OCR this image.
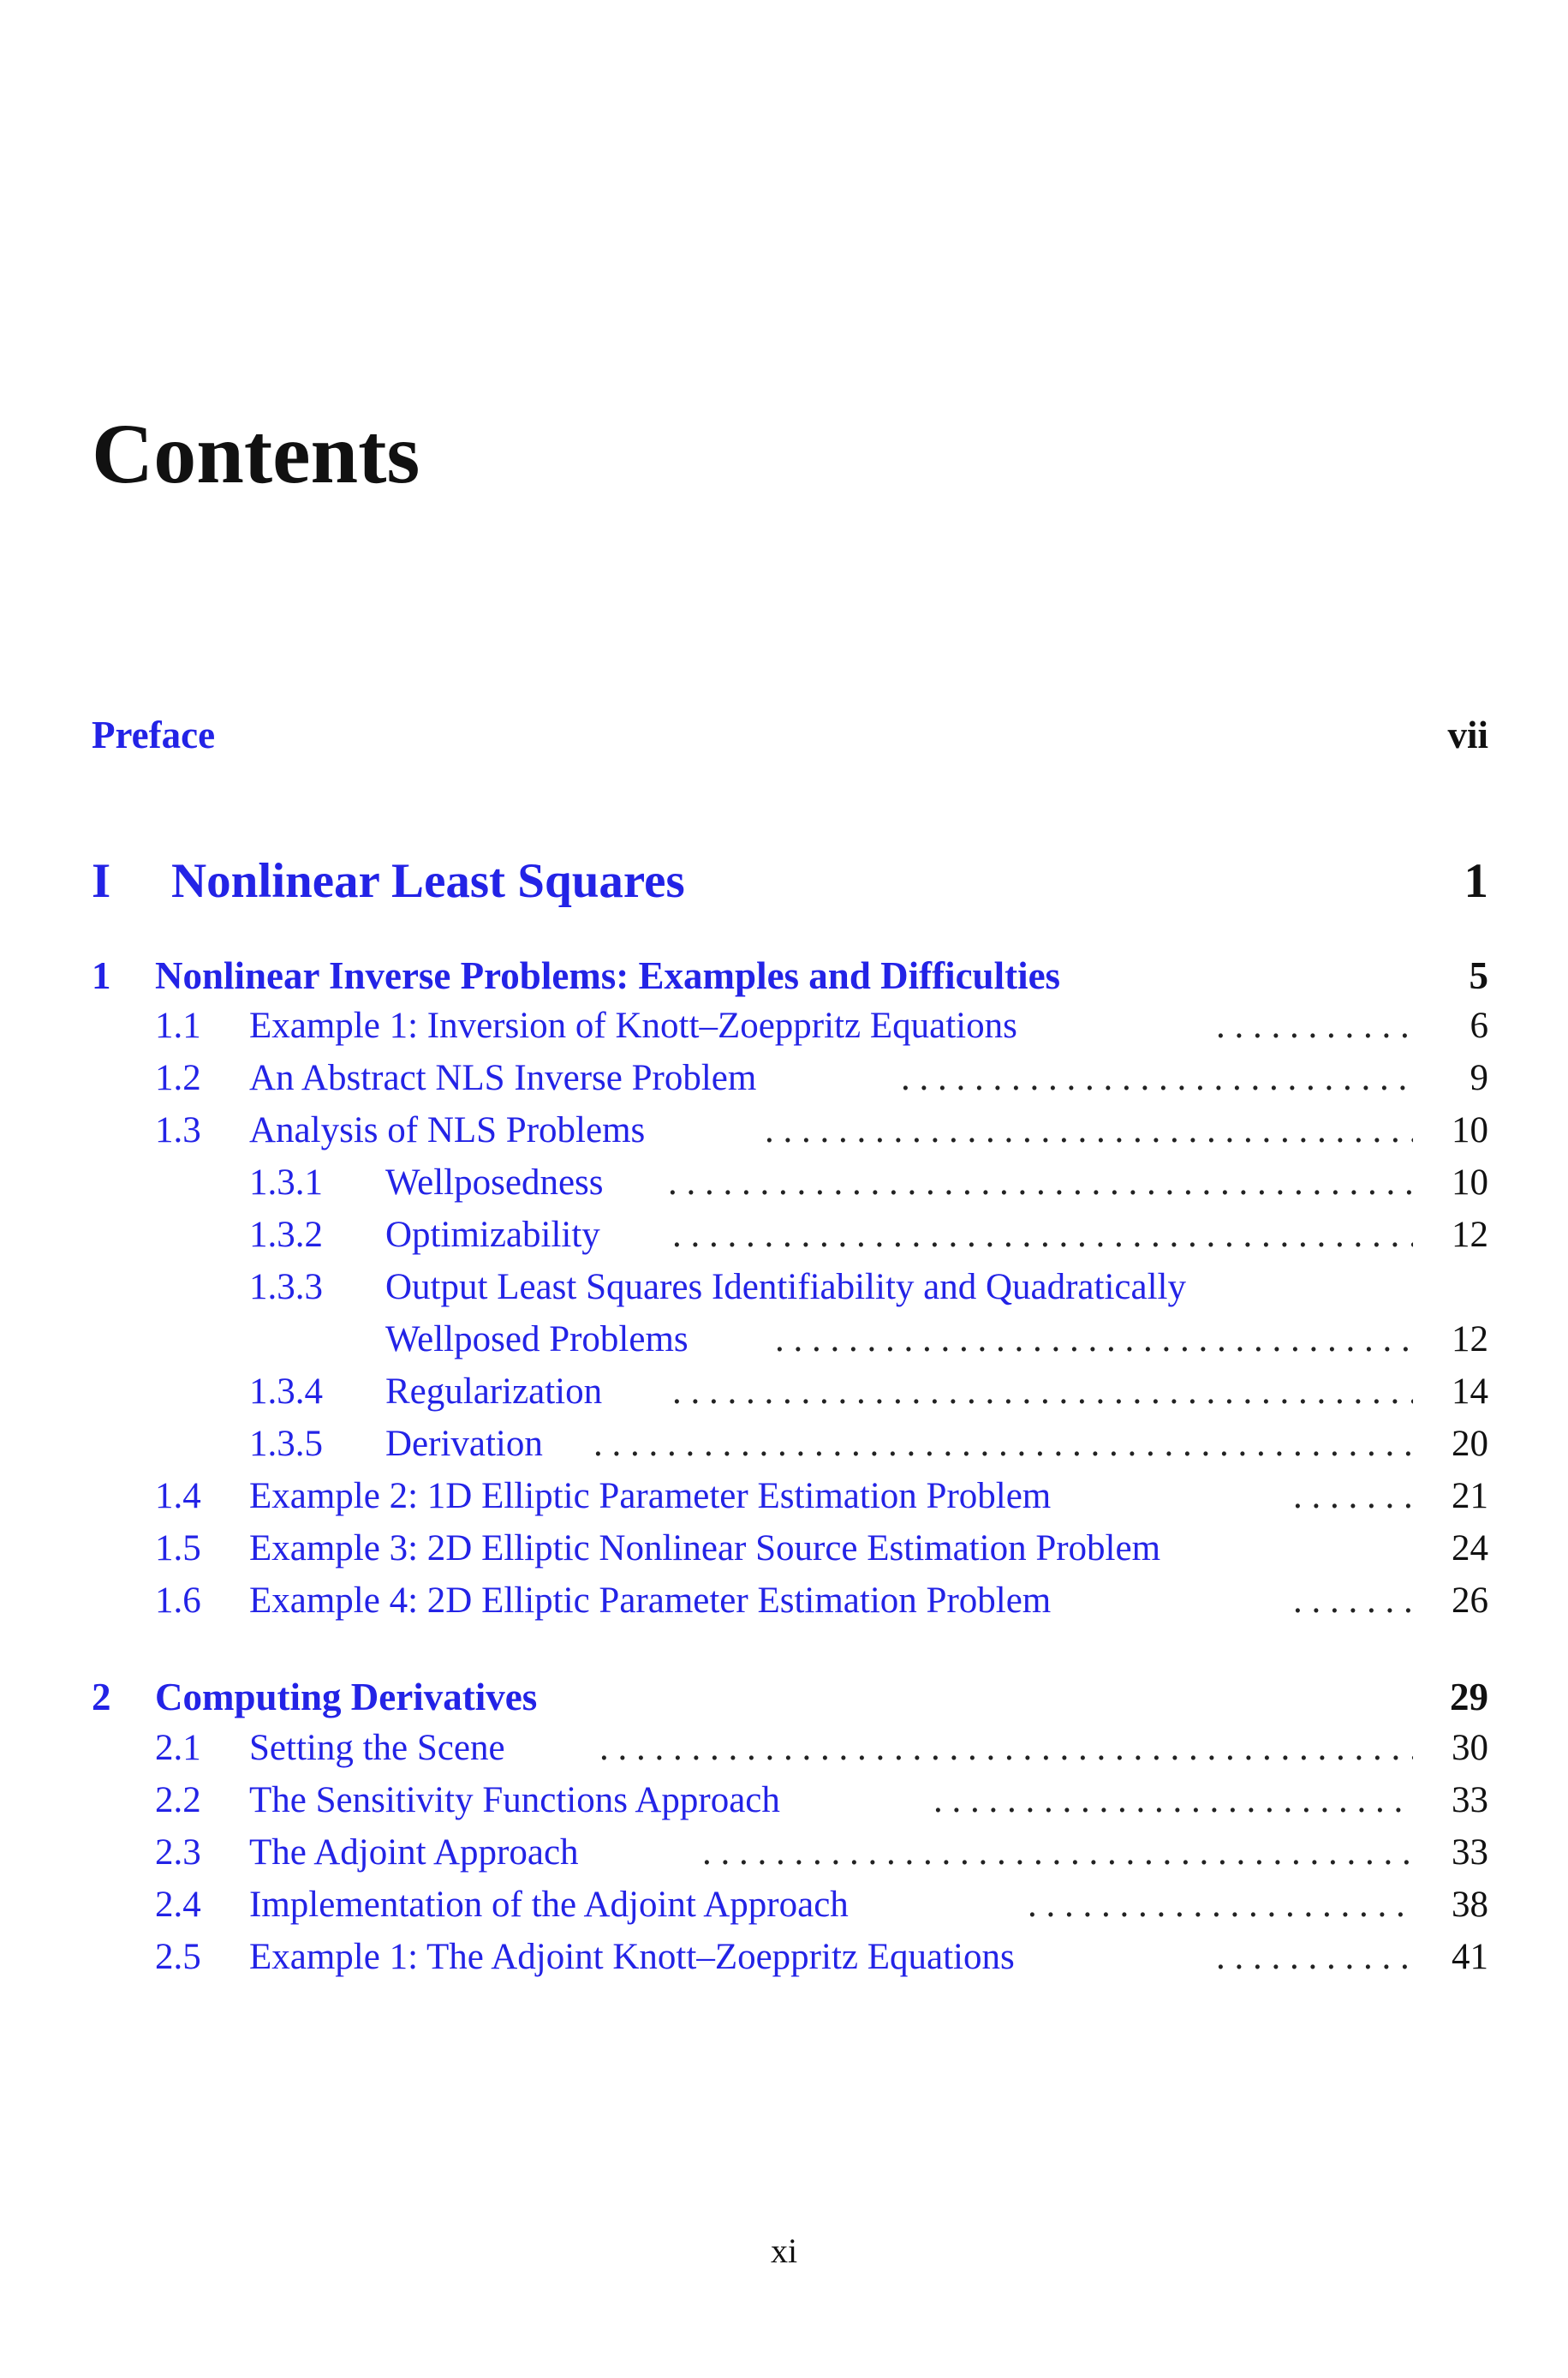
Contents
Preface	vii
I Nonlinear Least Squares	1
1 Nonlinear Inverse Problems: Examples and Difficulties	5
1.1 Example 1: Inversion of Knott–Zoeppritz Equations . . .	6
1.2 An Abstract NLS Inverse Problem . . .	9
1.3 Analysis of NLS Problems . . .	10
1.3.1 Wellposedness . . .	10
1.3.2 Optimizability . . .	12
1.3.3 Output Least Squares Identifiability and Quadratically
Wellposed Problems . . .	12
1.3.4 Regularization . . .	14
1.3.5 Derivation . . .	20
1.4 Example 2: 1D Elliptic Parameter Estimation Problem . . .	21
1.5 Example 3: 2D Elliptic Nonlinear Source Estimation Problem	24
1.6 Example 4: 2D Elliptic Parameter Estimation Problem . . .	26
2 Computing Derivatives	29
2.1 Setting the Scene . . .	30
2.2 The Sensitivity Functions Approach . . .	33
2.3 The Adjoint Approach . . .	33
2.4 Implementation of the Adjoint Approach . . .	38
2.5 Example 1: The Adjoint Knott–Zoeppritz Equations . . .	41
xi
